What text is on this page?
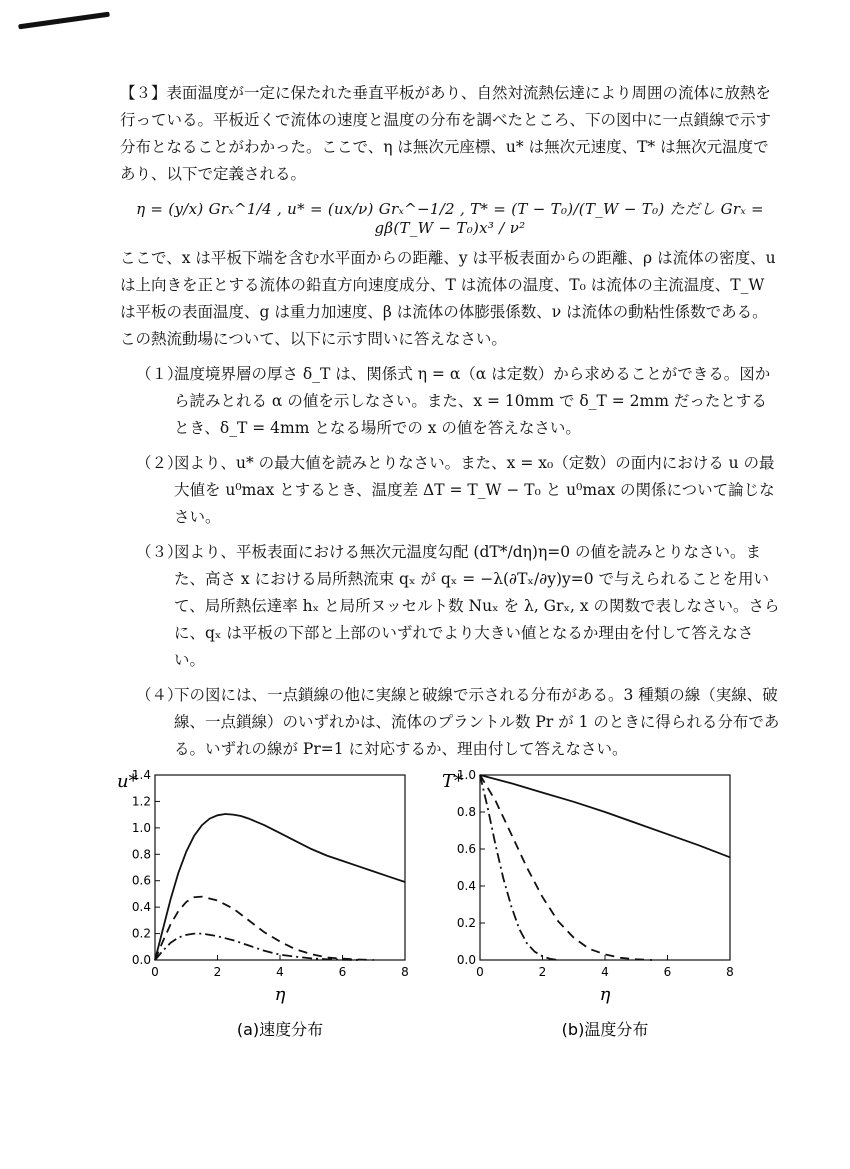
【３】表面温度が一定に保たれた垂直平板があり、自然対流熱伝達により周囲の流体に放熱を行っている。平板近くで流体の速度と温度の分布を調べたところ、下の図中に一点鎖線で示す分布となることがわかった。ここで、η は無次元座標、u* は無次元速度、T* は無次元温度であり、以下で定義される。

η = (y/x) Grₓ^1/4 , u* = (ux/ν) Grₓ^−1/2 , T* = (T − T₀)/(T_W − T₀) ただし Grₓ = gβ(T_W − T₀)x³ / ν²

ここで、x は平板下端を含む水平面からの距離、y は平板表面からの距離、ρ は流体の密度、u は上向きを正とする流体の鉛直方向速度成分、T は流体の温度、T₀ は流体の主流温度、T_W は平板の表面温度、g は重力加速度、β は流体の体膨張係数、ν は流体の動粘性係数である。この熱流動場について、以下に示す問いに答えなさい。

（１）
温度境界層の厚さ δ_T は、関係式 η = α（α は定数）から求めることができる。図から読みとれる α の値を示しなさい。また、x = 10mm で δ_T = 2mm だったとするとき、δ_T = 4mm となる場所での x の値を答えなさい。
（２）
図より、u* の最大値を読みとりなさい。また、x = x₀（定数）の面内における u の最大値を u⁰max とするとき、温度差 ΔT = T_W − T₀ と u⁰max の関係について論じなさい。
（３）
図より、平板表面における無次元温度勾配 (dT*/dη)η=0 の値を読みとりなさい。また、高さ x における局所熱流束 qₓ が qₓ = −λ(∂Tₓ/∂y)y=0 で与えられることを用いて、局所熱伝達率 hₓ と局所ヌッセルト数 Nuₓ を λ, Grₓ, x の関数で表しなさい。さらに、qₓ は平板の下部と上部のいずれでより大きい値となるか理由を付して答えなさい。
（４）
下の図には、一点鎖線の他に実線と破線で示される分布がある。3 種類の線（実線、破線、一点鎖線）のいずれかは、流体のプラントル数 Pr が 1 のときに得られる分布である。いずれの線が Pr=1 に対応するか、理由付して答えなさい。
0	2	4	6	8
0.0
0.2
0.4
0.6
0.8
1.0
1.2
1.4
u*
η
(a)速度分布
0	2	4	6	8
0.0
0.2
0.4
0.6
0.8
1.0
T*
η
(b)温度分布
